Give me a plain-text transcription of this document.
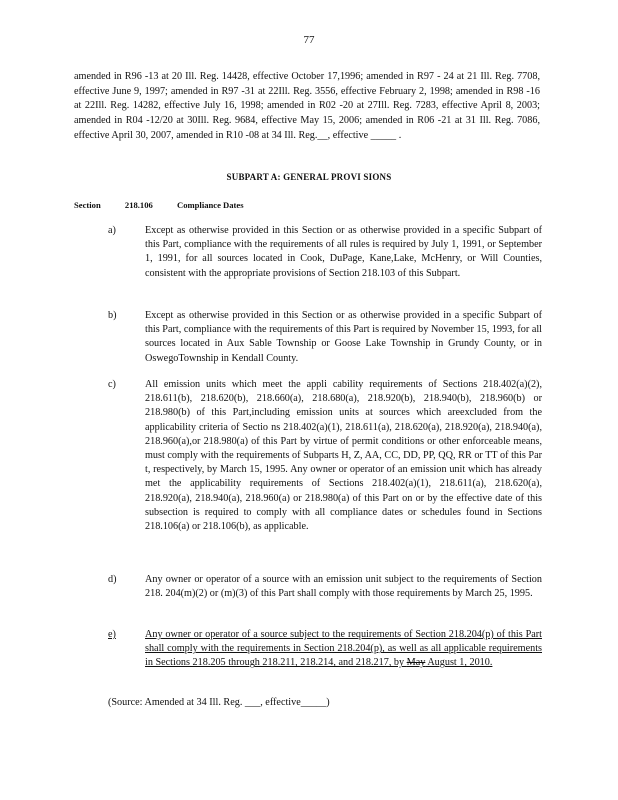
77
amended in R96 -13 at 20 Ill. Reg. 14428, effective October 17,1996; amended in R97 - 24 at 21 Ill. Reg. 7708, effective June 9, 1997; amended in R97 -31 at 22Ill. Reg. 3556, effective February 2, 1998; amended in R98 -16 at 22Ill. Reg. 14282, effective July 16, 1998; amended in R02 -20 at 27Ill. Reg. 7283, effective April 8, 2003; amended in R04 -12/20 at 30Ill. Reg. 9684, effective May 15, 2006; amended in R06 -21 at 31 Ill. Reg. 7086, effective April 30, 2007, amended in R10 -08 at 34 Ill. Reg.__, effective _____ .
SUBPART A: GENERAL PROVI SIONS
Section	218.106	Compliance Dates
a)	Except as otherwise provided in this Section or as otherwise provided in a specific Subpart of this Part, compliance with the requirements of all rules is required by July 1, 1991, or September 1, 1991, for all sources located in Cook, DuPage, Kane,Lake, McHenry, or Will Counties, consistent with the appropriate provisions of Section 218.103 of this Subpart.
b)	Except as otherwise provided in this Section or as otherwise provided in a specific Subpart of this Part, compliance with the requirements of this Part is required by November 15, 1993, for all sources located in Aux Sable Township or Goose Lake Township in Grundy County, or in OswegoTownship in Kendall County.
c)	All emission units which meet the appli cability requirements of Sections 218.402(a)(2), 218.611(b), 218.620(b), 218.660(a), 218.680(a), 218.920(b), 218.940(b), 218.960(b) or 218.980(b) of this Part,including emission units at sources which areexcluded from the applicability criteria of Sectio ns 218.402(a)(1), 218.611(a), 218.620(a), 218.920(a), 218.940(a), 218.960(a),or 218.980(a) of this Part by virtue of permit conditions or other enforceable means, must comply with the requirements of Subparts H, Z, AA, CC, DD, PP, QQ, RR or TT of this Par t, respectively, by March 15, 1995. Any owner or operator of an emission unit which has already met the applicability requirements of Sections 218.402(a)(1), 218.611(a), 218.620(a), 218.920(a), 218.940(a), 218.960(a) or 218.980(a) of this Part on or by the effective date of this subsection is required to comply with all compliance dates or schedules found in Sections 218.106(a) or 218.106(b), as applicable.
d)	Any owner or operator of a source with an emission unit subject to the requirements of Section 218. 204(m)(2) or (m)(3) of this Part shall comply with those requirements by March 25, 1995.
e)	Any owner or operator of a source subject to the requirements of Section 218.204(p) of this Part shall comply with the requirements in Section 218.204(p), as well as all applicable requirements in Sections 218.205 through 218.211, 218.214, and 218.217, by May August 1, 2010.
(Source: Amended at 34 Ill. Reg. ___, effective_____)
